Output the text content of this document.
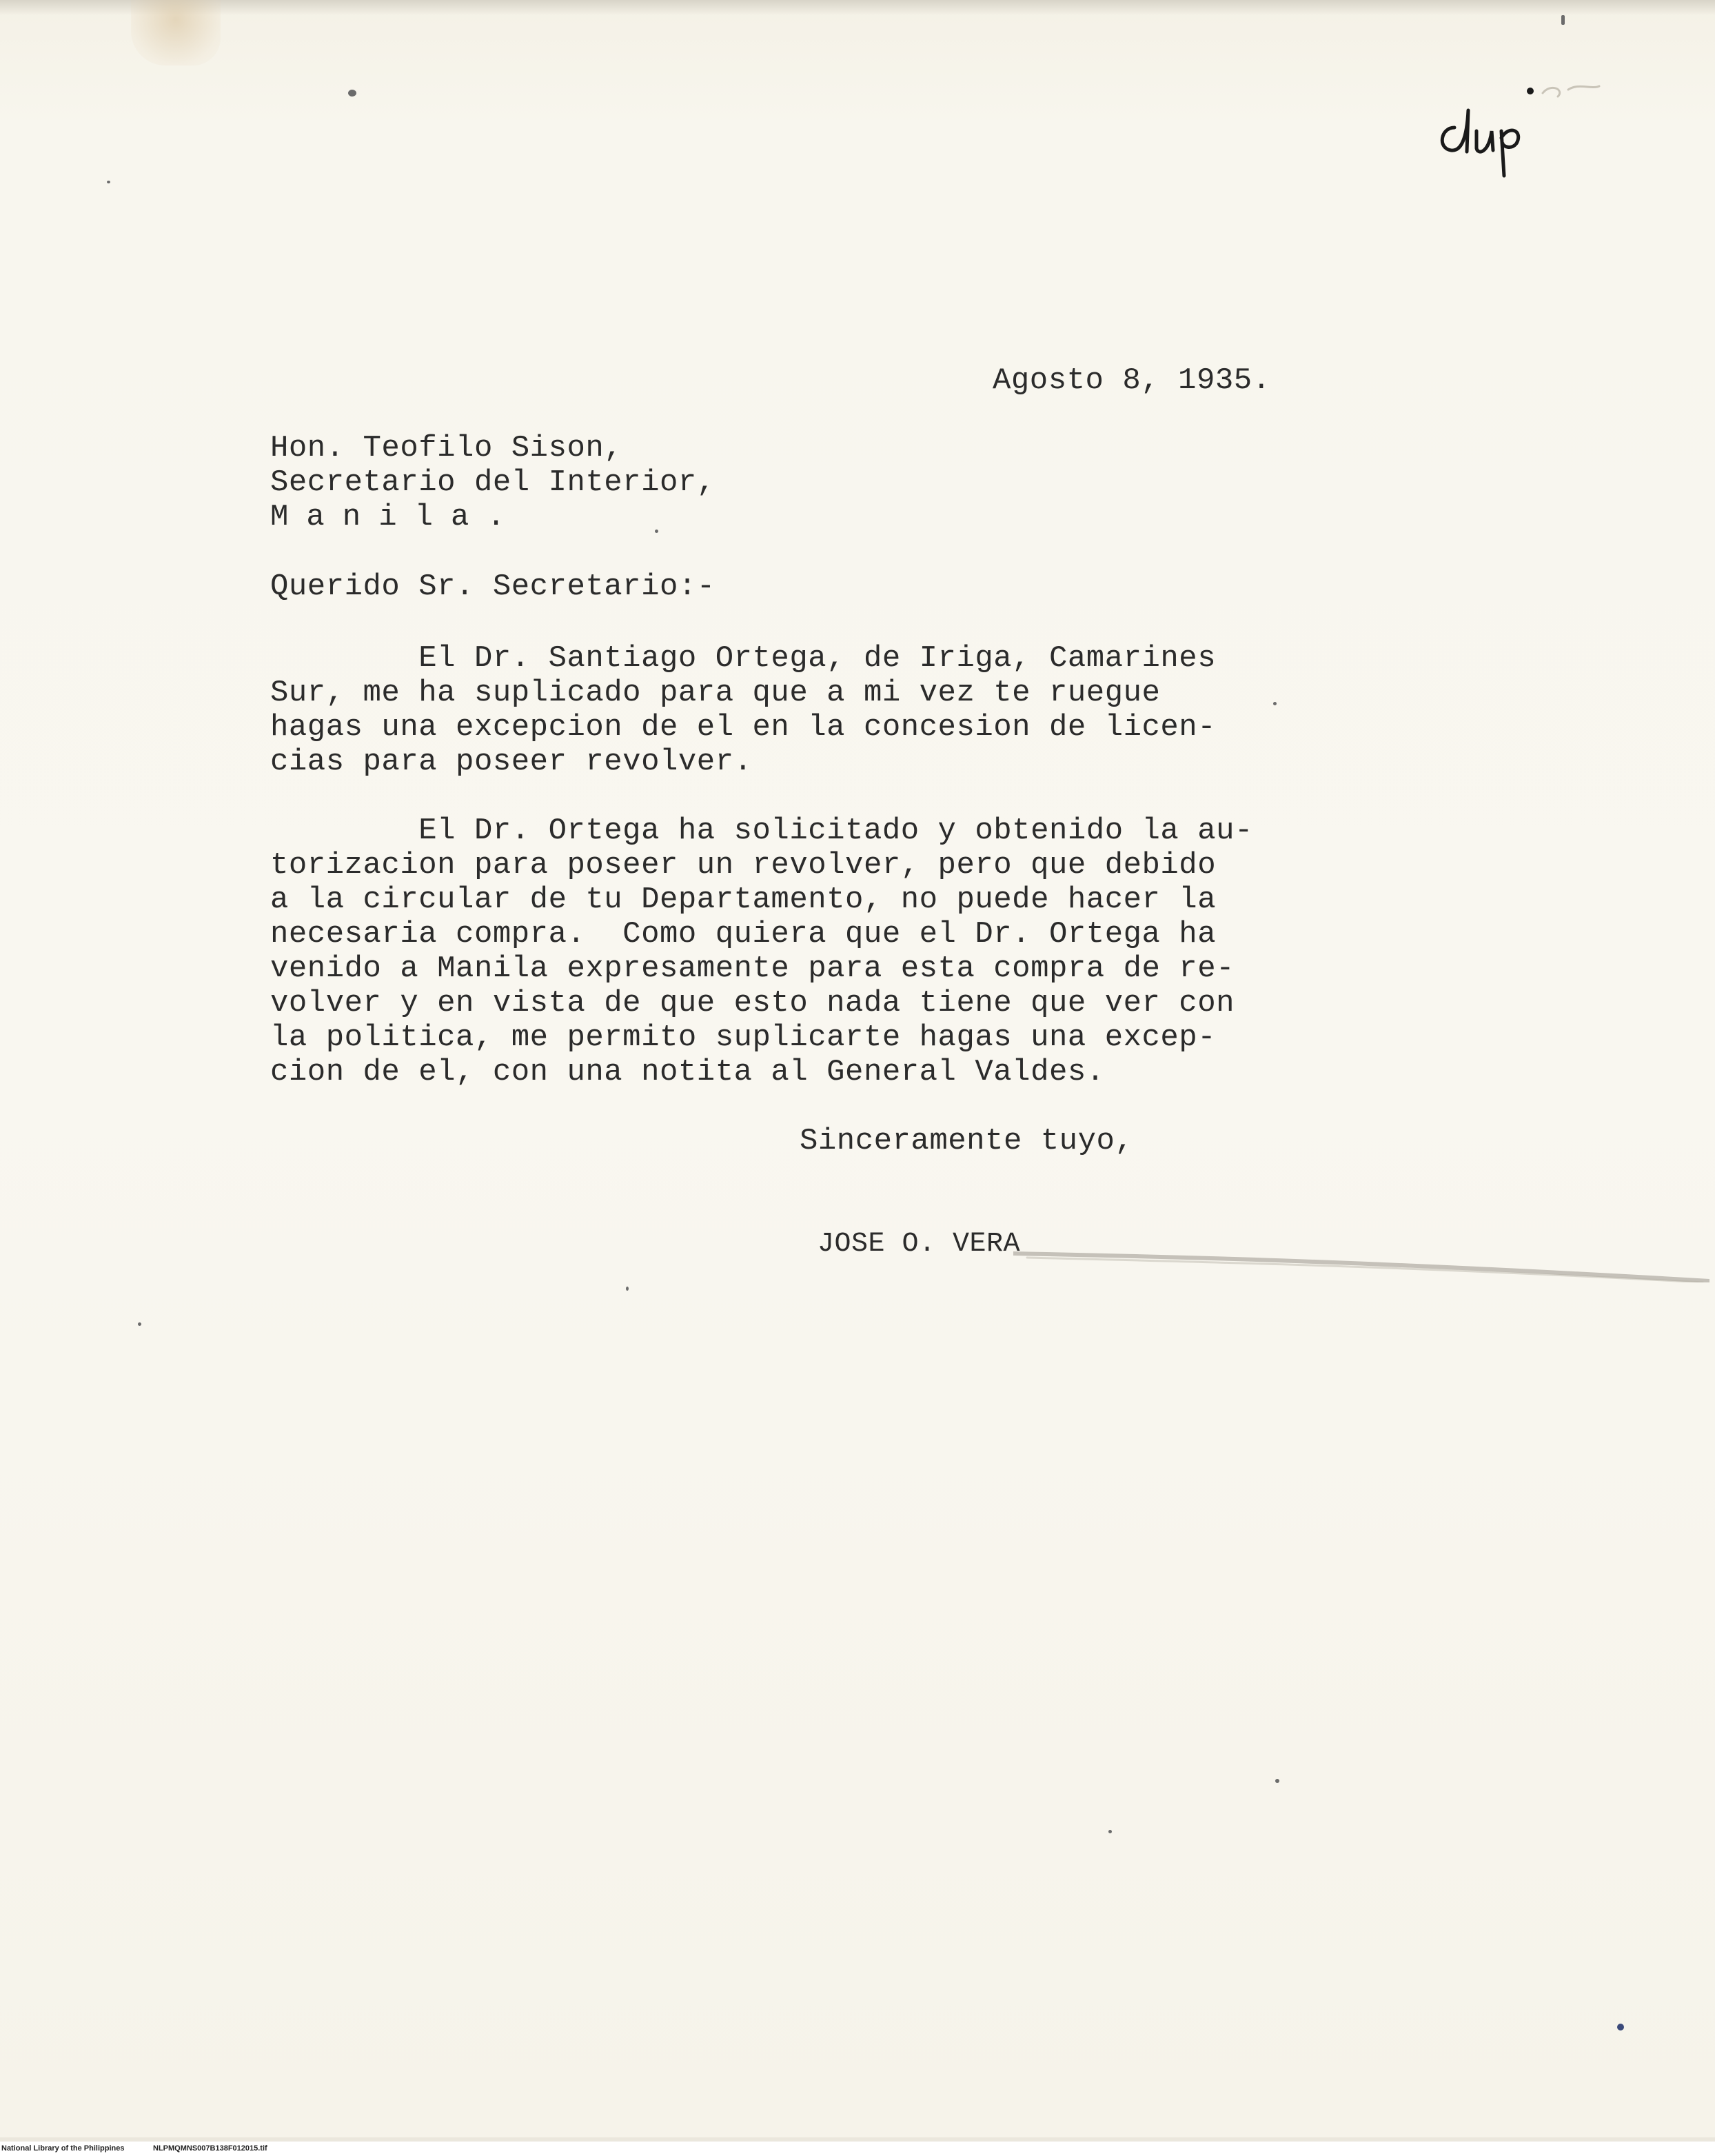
Agosto 8, 1935.
Hon. Teofilo Sison,
Secretario del Interior,
Manila.
Querido Sr. Secretario:-
El Dr. Santiago Ortega, de Iriga, Camarines
Sur, me ha suplicado para que a mi vez te ruegue
hagas una excepcion de el en la concesion de licen-
cias para poseer revolver.
El Dr. Ortega ha solicitado y obtenido la au-
torizacion para poseer un revolver, pero que debido
a la circular de tu Departamento, no puede hacer la
necesaria compra.  Como quiera que el Dr. Ortega ha
venido a Manila expresamente para esta compra de re-
volver y en vista de que esto nada tiene que ver con
la politica, me permito suplicarte hagas una excep-
cion de el, con una notita al General Valdes.
Sinceramente tuyo,
JOSE O. VERA
National Library of the Philippines	NLPMQMNS007B138F012015.tif
